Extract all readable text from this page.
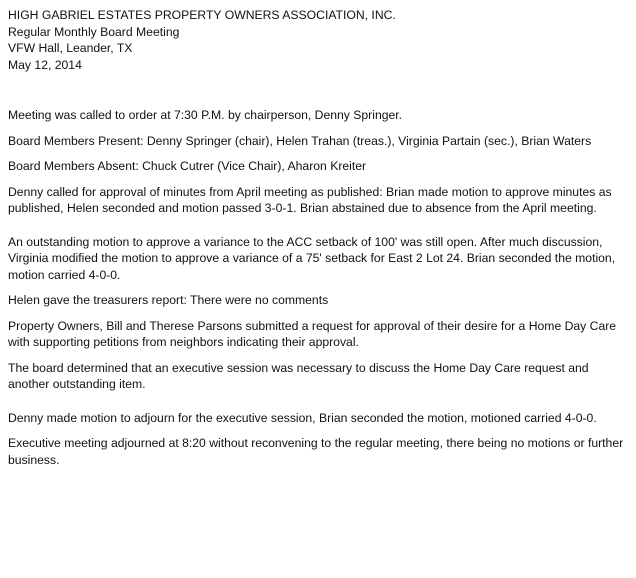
HIGH GABRIEL ESTATES PROPERTY OWNERS ASSOCIATION, INC.
Regular Monthly Board Meeting
VFW Hall, Leander, TX
May 12, 2014

Meeting was called to order at 7:30 P.M. by chairperson, Denny Springer.

Board Members Present: Denny Springer (chair), Helen Trahan (treas.), Virginia Partain (sec.), Brian Waters

Board Members Absent: Chuck Cutrer (Vice Chair), Aharon Kreiter

Denny called for approval of minutes from April meeting as published: Brian made motion to approve minutes as published, Helen seconded and motion passed 3-0-1. Brian abstained due to absence from the April meeting.

An outstanding motion to approve a variance to the ACC setback of 100' was still open. After much discussion, Virginia modified the motion to approve a variance of a 75' setback for East 2 Lot 24. Brian seconded the motion, motion carried 4-0-0.

Helen gave the treasurers report: There were no comments

Property Owners, Bill and Therese Parsons submitted a request for approval of their desire for a Home Day Care with supporting petitions from neighbors indicating their approval.

The board determined that an executive session was necessary to discuss the Home Day Care request and another outstanding item.

Denny made motion to adjourn for the executive session, Brian seconded the motion, motioned carried 4-0-0.

Executive meeting adjourned at 8:20 without reconvening to the regular meeting, there being no motions or further business.
